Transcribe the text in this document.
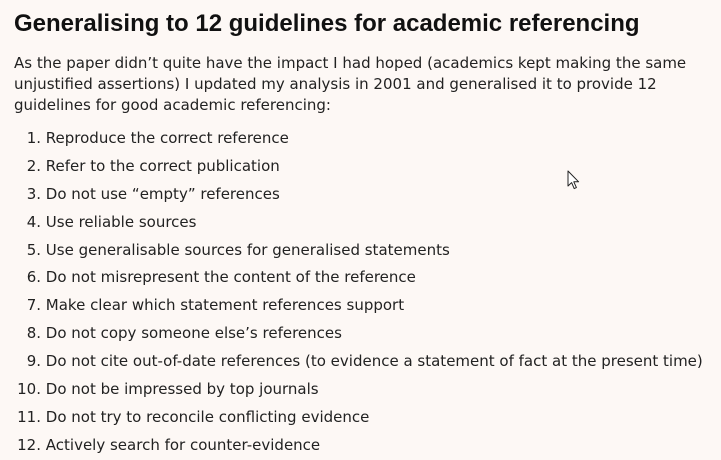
Generalising to 12 guidelines for academic referencing

As the paper didn’t quite have the impact I had hoped (academics kept making the same unjustified assertions) I updated my analysis in 2001 and generalised it to provide 12 guidelines for good academic referencing:

1.
Reproduce the correct reference
2.
Refer to the correct publication
3.
Do not use “empty” references
4.
Use reliable sources
5.
Use generalisable sources for generalised statements
6.
Do not misrepresent the content of the reference
7.
Make clear which statement references support
8.
Do not copy someone else’s references
9.
Do not cite out-of-date references (to evidence a statement of fact at the present time)
10.
Do not be impressed by top journals
11.
Do not try to reconcile conflicting evidence
12.
Actively search for counter-evidence
